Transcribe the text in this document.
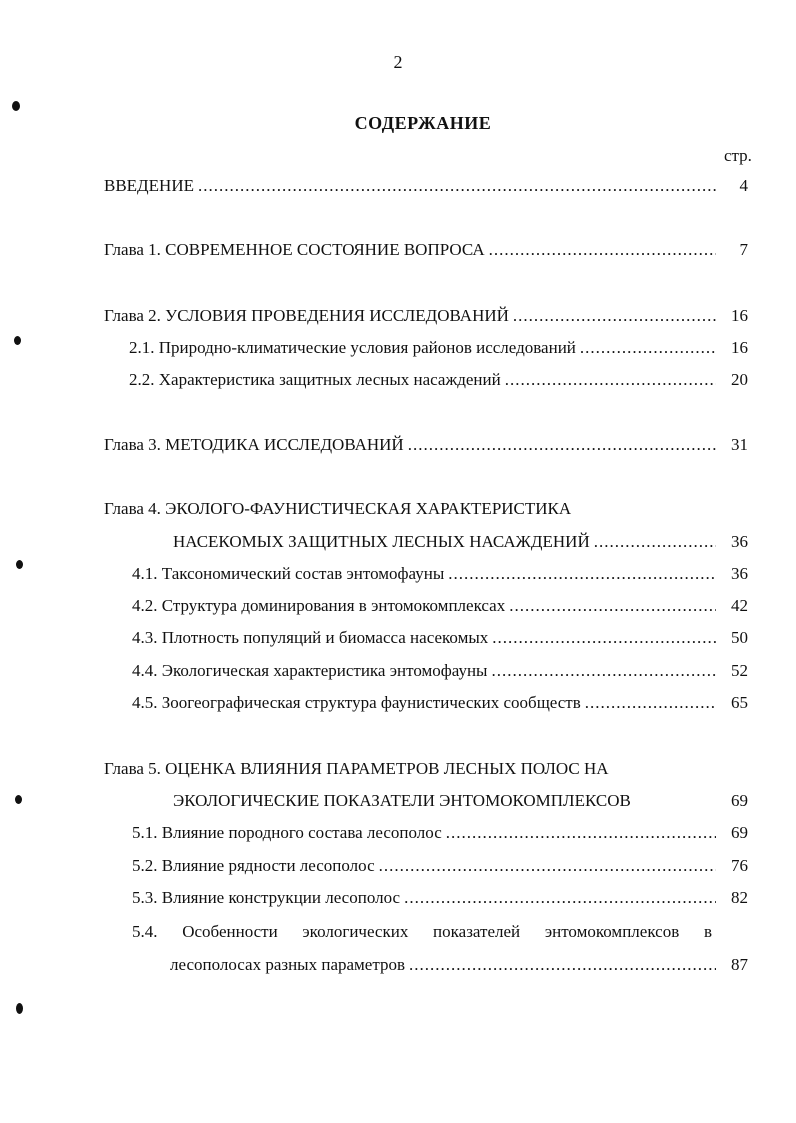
2
СОДЕРЖАНИЕ
стр.
ВВЕДЕНИЕ .....	4
Глава 1. СОВРЕМЕННОЕ СОСТОЯНИЕ ВОПРОСА .....	7
Глава 2. УСЛОВИЯ ПРОВЕДЕНИЯ ИССЛЕДОВАНИЙ .....	16
2.1. Природно-климатические условия районов исследований .....	16
2.2. Характеристика защитных лесных насаждений .....	20
Глава 3. МЕТОДИКА ИССЛЕДОВАНИЙ .....	31
Глава 4. ЭКОЛОГО-ФАУНИСТИЧЕСКАЯ ХАРАКТЕРИСТИКА
НАСЕКОМЫХ ЗАЩИТНЫХ ЛЕСНЫХ НАСАЖДЕНИЙ .....	36
4.1. Таксономический состав энтомофауны .....	36
4.2. Структура доминирования в энтомокомплексах .....	42
4.3. Плотность популяций и биомасса насекомых .....	50
4.4. Экологическая характеристика энтомофауны .....	52
4.5. Зоогеографическая структура фаунистических сообществ .....	65
Глава 5. ОЦЕНКА ВЛИЯНИЯ ПАРАМЕТРОВ ЛЕСНЫХ ПОЛОС НА
ЭКОЛОГИЧЕСКИЕ ПОКАЗАТЕЛИ ЭНТОМОКОМПЛЕКСОВ	69
5.1. Влияние породного состава лесополос .....	69
5.2. Влияние рядности лесополос .....	76
5.3. Влияние конструкции лесополос .....	82
5.4. Особенности экологических показателей энтомокомплексов в
лесополосах разных параметров .....	87
